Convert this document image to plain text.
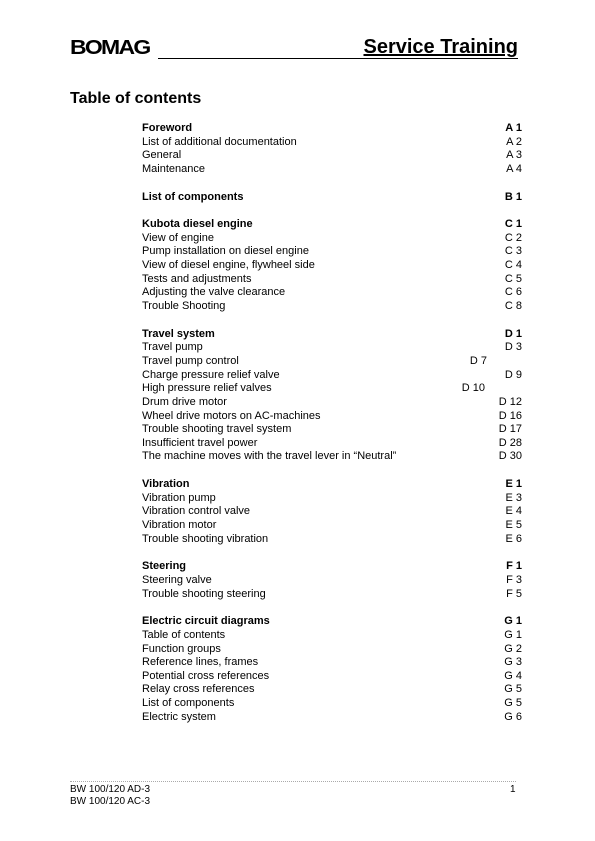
BOMAG	Service Training
Table of contents
Foreword	A 1
List of additional documentation	A 2
General	A 3
Maintenance	A 4
List of components	B 1
Kubota diesel engine	C 1
View of engine	C 2
Pump installation on diesel engine	C 3
View of diesel engine, flywheel side	C 4
Tests and adjustments	C 5
Adjusting the valve clearance	C 6
Trouble Shooting	C 8
Travel system	D 1
Travel pump	D 3
Travel pump control	D 7
Charge pressure relief valve	D 9
High pressure relief valves	D 10
Drum drive motor	D 12
Wheel drive motors on AC-machines	D 16
Trouble shooting travel system	D 17
Insufficient travel power	D 28
The machine moves with the travel lever in “Neutral”	D 30
Vibration	E 1
Vibration pump	E 3
Vibration control valve	E 4
Vibration motor	E 5
Trouble shooting vibration	E 6
Steering	F 1
Steering valve	F 3
Trouble shooting steering	F 5
Electric circuit diagrams	G 1
Table of contents	G 1
Function groups	G 2
Reference lines, frames	G 3
Potential cross references	G 4
Relay cross references	G 5
List of components	G 5
Electric system	G 6
BW 100/120 AD-3
BW 100/120 AC-3
1
